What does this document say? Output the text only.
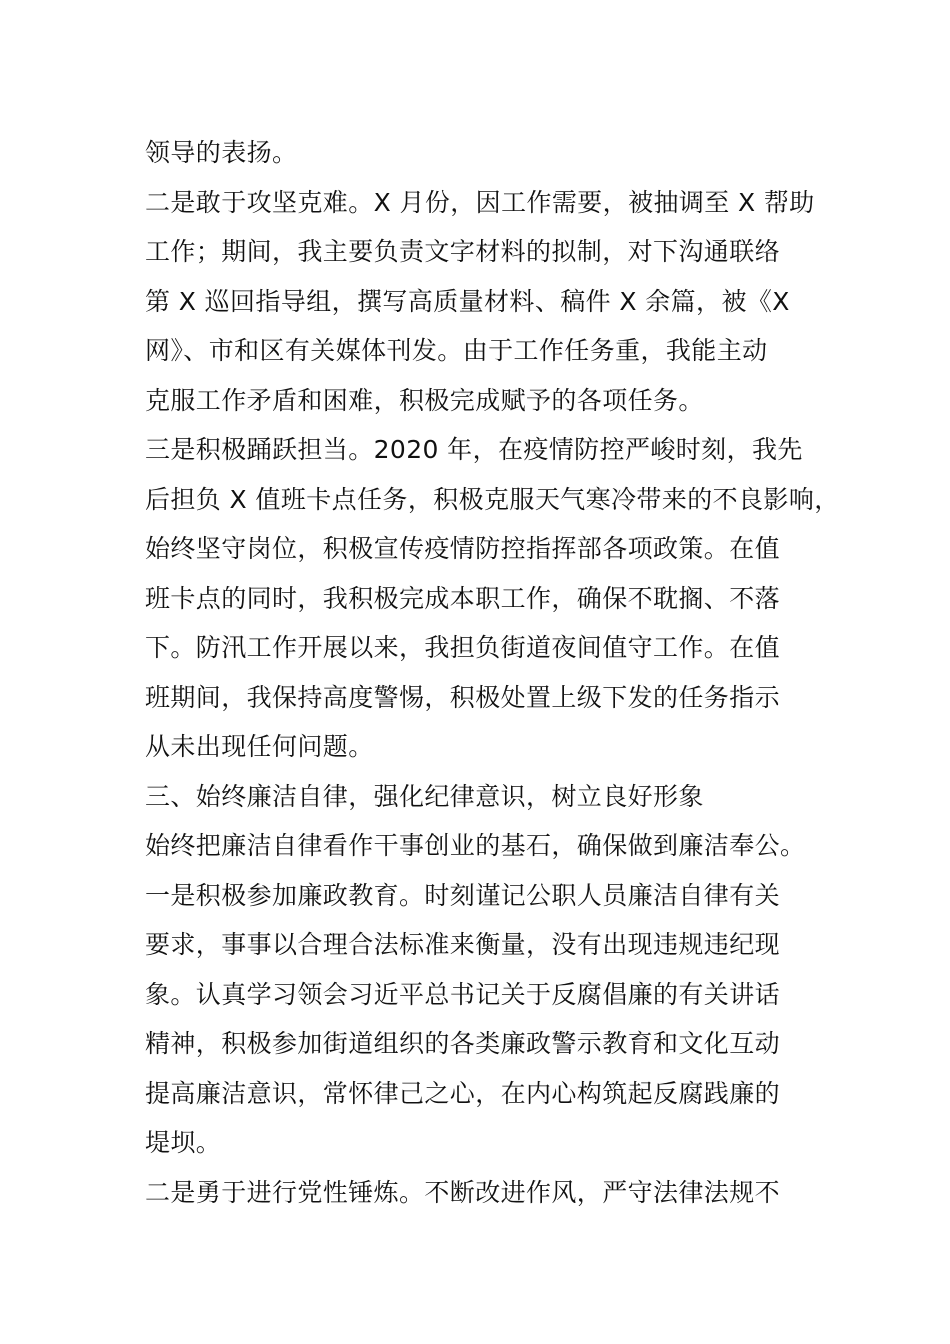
领导的表扬。
二是敢于攻坚克难。X 月份，因工作需要，被抽调至 X 帮助
工作；期间，我主要负责文字材料的拟制，对下沟通联络
第 X 巡回指导组，撰写高质量材料、稿件 X 余篇，被《X
网》、市和区有关媒体刊发。由于工作任务重，我能主动
克服工作矛盾和困难，积极完成赋予的各项任务。
三是积极踊跃担当。2020 年，在疫情防控严峻时刻，我先
后担负 X 值班卡点任务，积极克服天气寒冷带来的不良影响，
始终坚守岗位，积极宣传疫情防控指挥部各项政策。在值
班卡点的同时，我积极完成本职工作，确保不耽搁、不落
下。防汛工作开展以来，我担负街道夜间值守工作。在值
班期间，我保持高度警惕，积极处置上级下发的任务指示
从未出现任何问题。
三、始终廉洁自律，强化纪律意识，树立良好形象
始终把廉洁自律看作干事创业的基石，确保做到廉洁奉公。
一是积极参加廉政教育。时刻谨记公职人员廉洁自律有关
要求，事事以合理合法标准来衡量，没有出现违规违纪现
象。认真学习领会习近平总书记关于反腐倡廉的有关讲话
精神，积极参加街道组织的各类廉政警示教育和文化互动
提高廉洁意识，常怀律己之心，在内心构筑起反腐践廉的
堤坝。
二是勇于进行党性锤炼。不断改进作风，严守法律法规不
